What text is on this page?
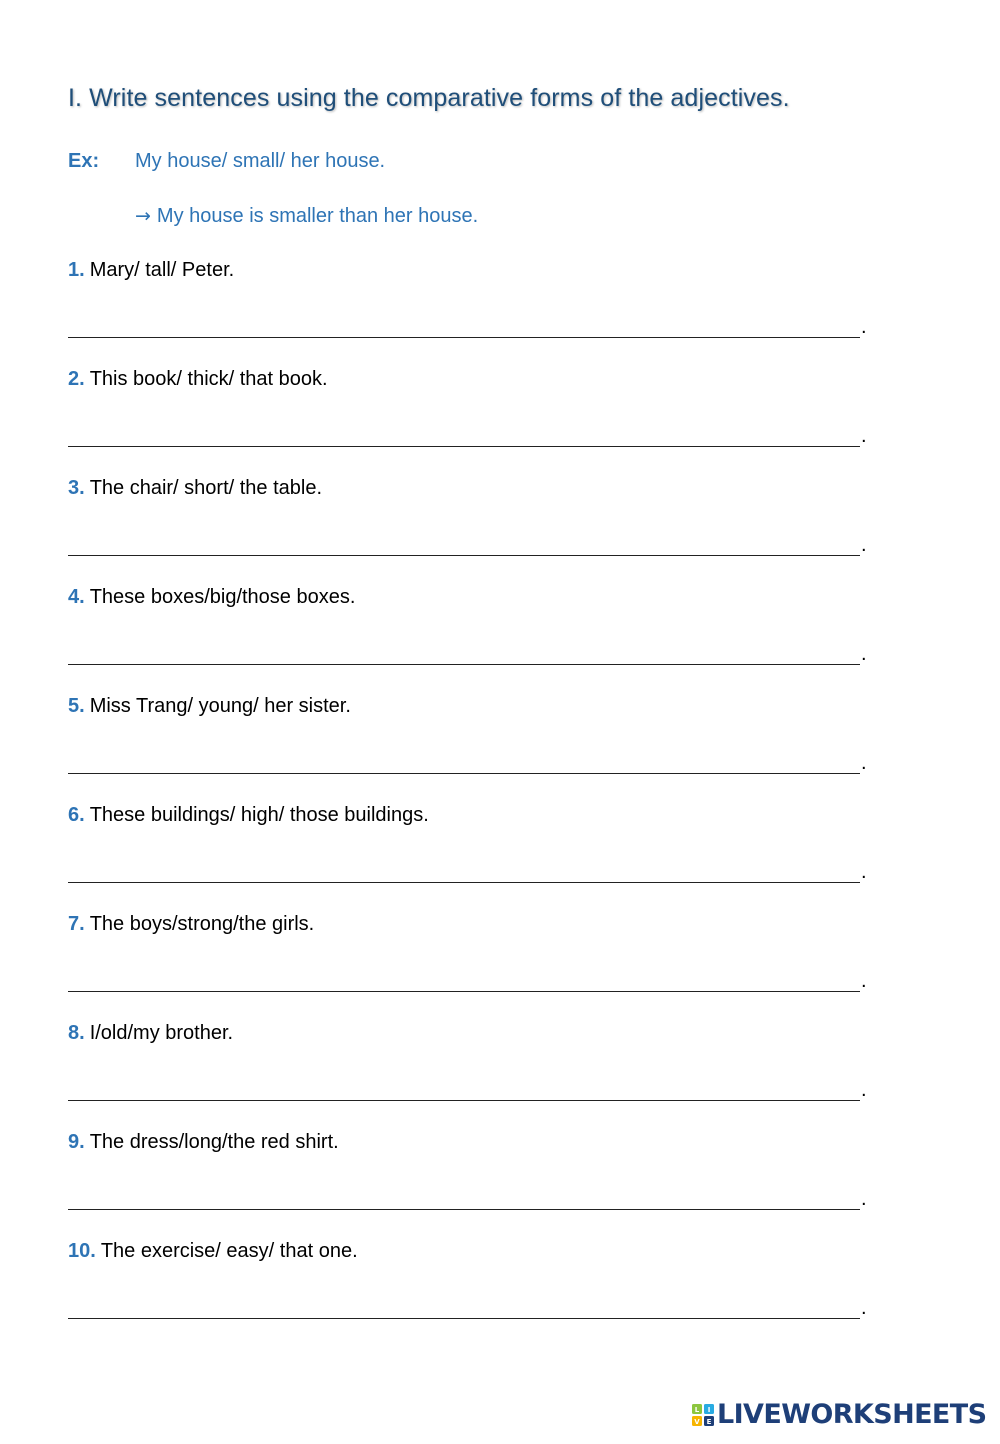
I. Write sentences using the comparative forms of the adjectives.
Ex: My house/ small/ her house.
→ My house is smaller than her house.
1. Mary/ tall/ Peter.
.
2. This book/ thick/ that book.
.
3. The chair/ short/ the table.
.
4. These boxes/big/those boxes.
.
5. Miss Trang/ young/ her sister.
.
6. These buildings/ high/ those buildings.
.
7. The boys/strong/the girls.
.
8. I/old/my brother.
.
9. The dress/long/the red shirt.
.
10. The exercise/ easy/ that one.
.
L I
V E LIVEWORKSHEETS
